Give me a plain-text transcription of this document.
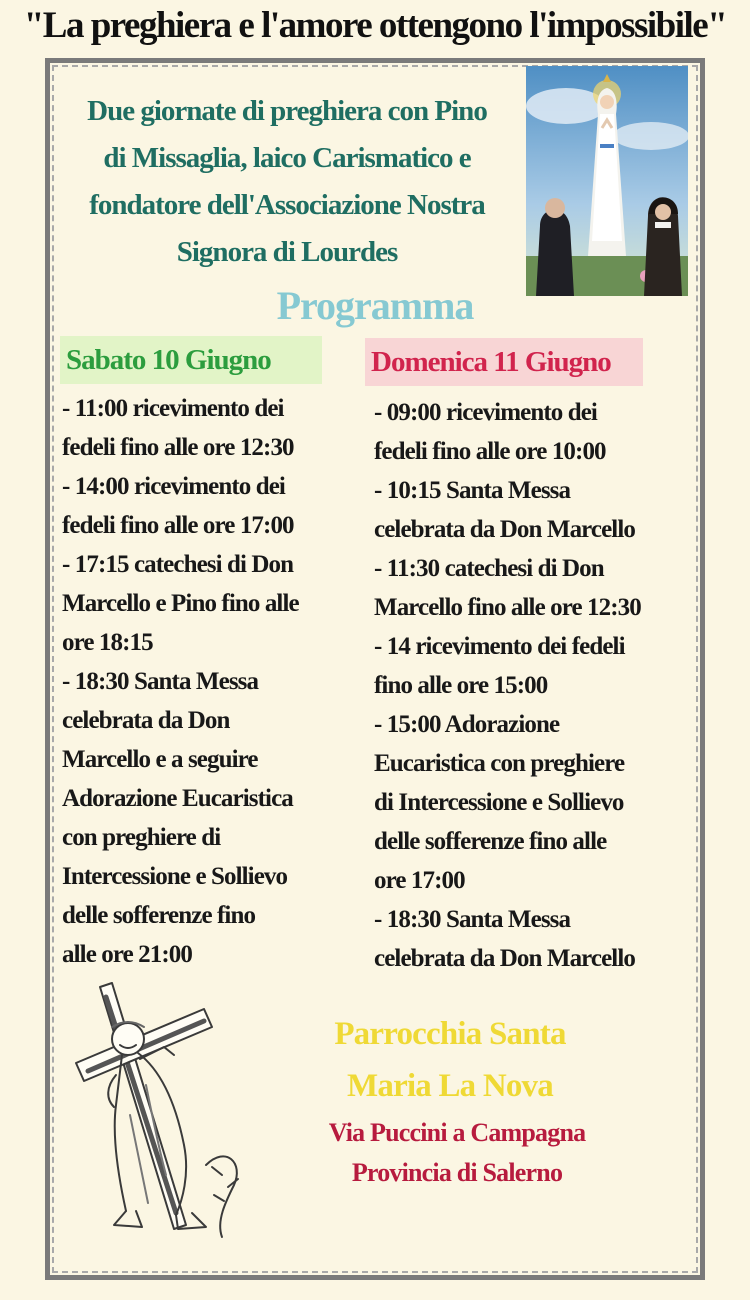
"La preghiera e l'amore ottengono l'impossibile"
Due giornate di preghiera con Pino
di Missaglia, laico Carismatico e
fondatore dell'Associazione Nostra
Signora di Lourdes
Programma
Sabato 10 Giugno	Domenica 11 Giugno
- 11:00 ricevimento dei
fedeli fino alle ore 12:30
- 14:00 ricevimento dei
fedeli fino alle ore 17:00
- 17:15 catechesi di Don
Marcello e Pino fino alle
ore 18:15
- 18:30 Santa Messa
celebrata da Don
Marcello e a seguire
Adorazione Eucaristica
con preghiere di
Intercessione e Sollievo
delle sofferenze fino
alle ore 21:00
- 09:00 ricevimento dei
fedeli fino alle ore 10:00
- 10:15 Santa Messa
celebrata da Don Marcello
- 11:30 catechesi di Don
Marcello fino alle ore 12:30
- 14 ricevimento dei fedeli
fino alle ore 15:00
- 15:00 Adorazione
Eucaristica con preghiere
di Intercessione e Sollievo
delle sofferenze fino alle
ore 17:00
- 18:30 Santa Messa
celebrata da Don Marcello
Parrocchia Santa
Maria La Nova
Via Puccini a Campagna
Provincia di Salerno
